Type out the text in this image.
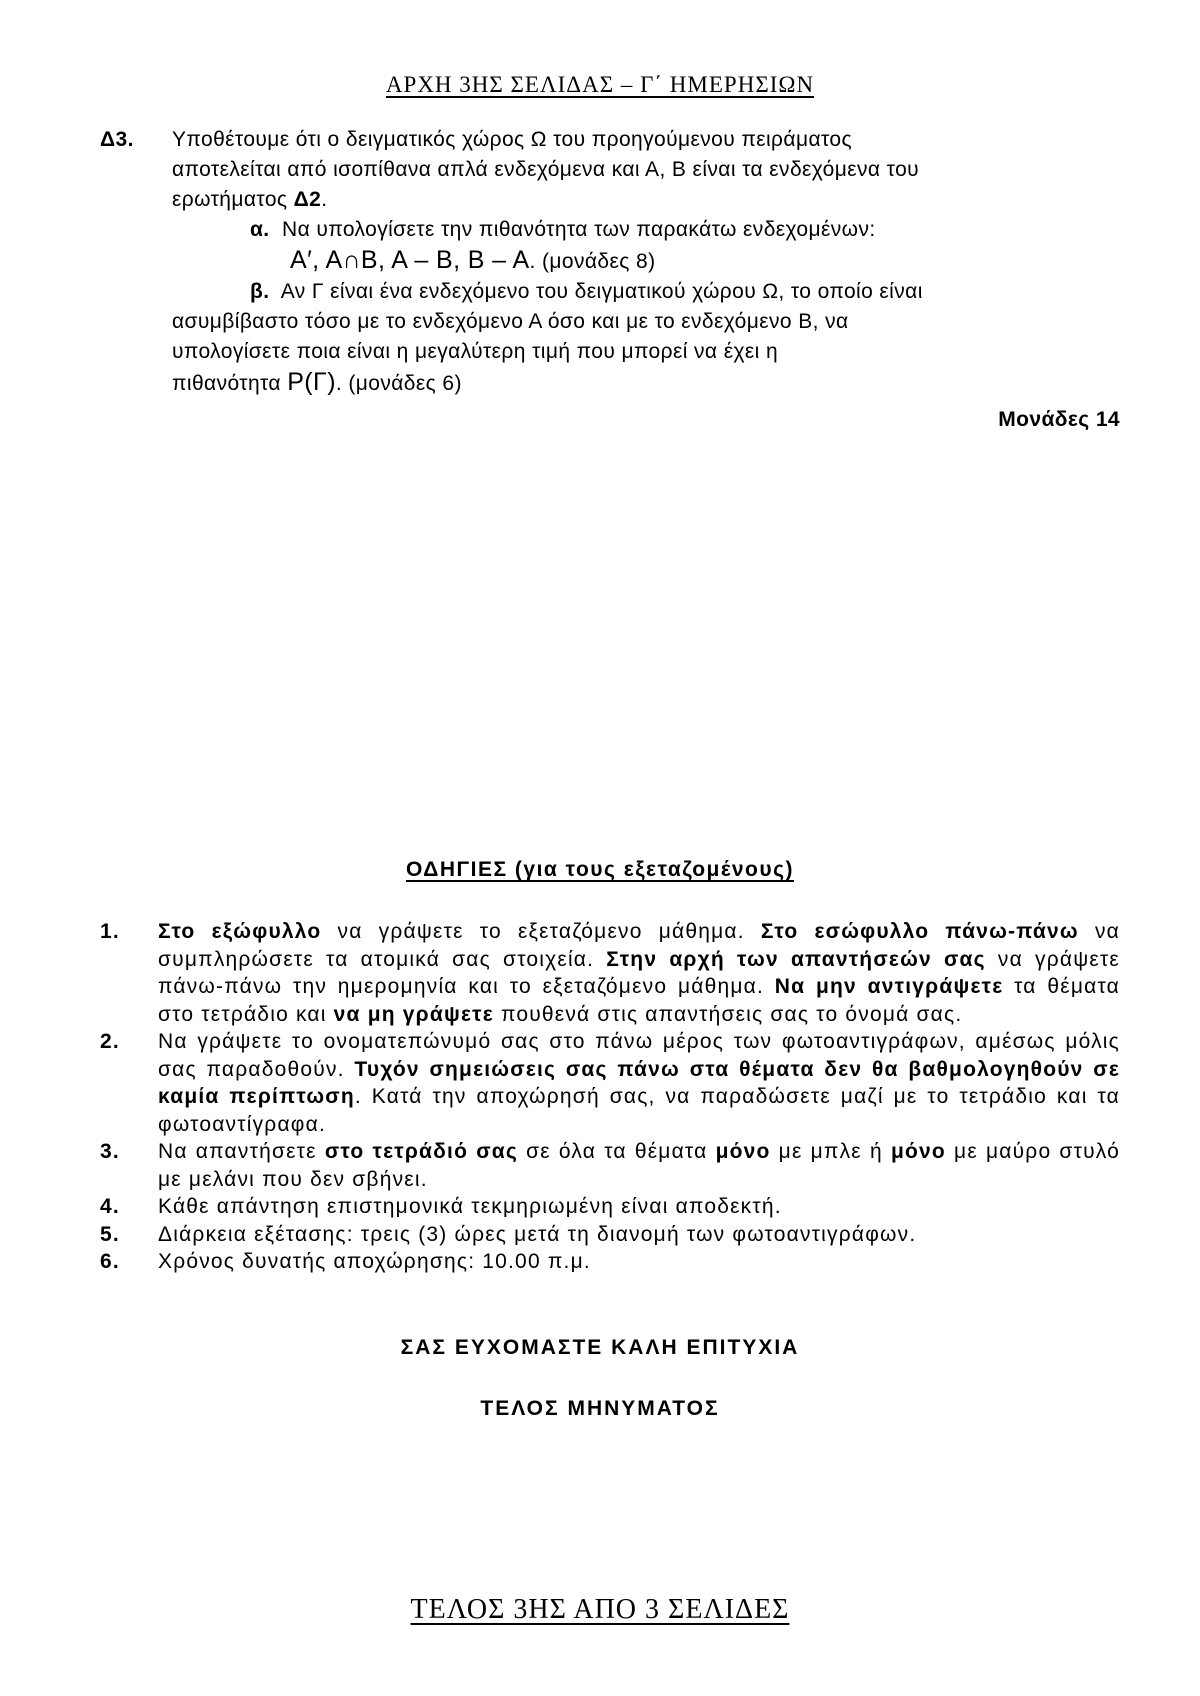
ΑΡΧΗ 3ΗΣ ΣΕΛΙΔΑΣ – Γ΄ ΗΜΕΡΗΣΙΩΝ
Δ3. Υποθέτουμε ότι ο δειγματικός χώρος Ω του προηγούμενου πειράματος

αποτελείται από ισοπίθανα απλά ενδεχόμενα και Α, Β είναι τα ενδεχόμενα του

ερωτήματος Δ2.

α. Να υπολογίσετε την πιθανότητα των παρακάτω ενδεχομένων:

Α′, Α∩Β, Α – Β, Β – Α. (μονάδες 8)

β. Αν Γ είναι ένα ενδεχόμενο του δειγματικού χώρου Ω, το οποίο είναι

ασυμβίβαστο τόσο με το ενδεχόμενο Α όσο και με το ενδεχόμενο Β, να

υπολογίσετε ποια είναι η μεγαλύτερη τιμή που μπορεί να έχει η

πιθανότητα Ρ(Γ). (μονάδες 6)

Μονάδες 14
ΟΔΗΓΙΕΣ (για τους εξεταζομένους)
1. Στο εξώφυλλο να γράψετε το εξεταζόμενο μάθημα. Στο εσώφυλλο πάνω-πάνω να συμπληρώσετε τα ατομικά σας στοιχεία. Στην αρχή των απαντήσεών σας να γράψετε πάνω-πάνω την ημερομηνία και το εξεταζόμενο μάθημα. Να μην αντιγράψετε τα θέματα στο τετράδιο και να μη γράψετε πουθενά στις απαντήσεις σας το όνομά σας.
2. Να γράψετε το ονοματεπώνυμό σας στο πάνω μέρος των φωτοαντιγράφων, αμέσως μόλις σας παραδοθούν. Τυχόν σημειώσεις σας πάνω στα θέματα δεν θα βαθμολογηθούν σε καμία περίπτωση. Κατά την αποχώρησή σας, να παραδώσετε μαζί με το τετράδιο και τα φωτοαντίγραφα.
3. Να απαντήσετε στο τετράδιό σας σε όλα τα θέματα μόνο με μπλε ή μόνο με μαύρο στυλό με μελάνι που δεν σβήνει.
4. Κάθε απάντηση επιστημονικά τεκμηριωμένη είναι αποδεκτή.
5. Διάρκεια εξέτασης: τρεις (3) ώρες μετά τη διανομή των φωτοαντιγράφων.
6. Χρόνος δυνατής αποχώρησης: 10.00 π.μ.
ΣΑΣ ΕΥΧΟΜΑΣΤΕ ΚΑΛΗ ΕΠΙΤΥΧΙΑ
ΤΕΛΟΣ ΜΗΝΥΜΑΤΟΣ
ΤΕΛΟΣ 3ΗΣ ΑΠΟ 3 ΣΕΛΙΔΕΣ
